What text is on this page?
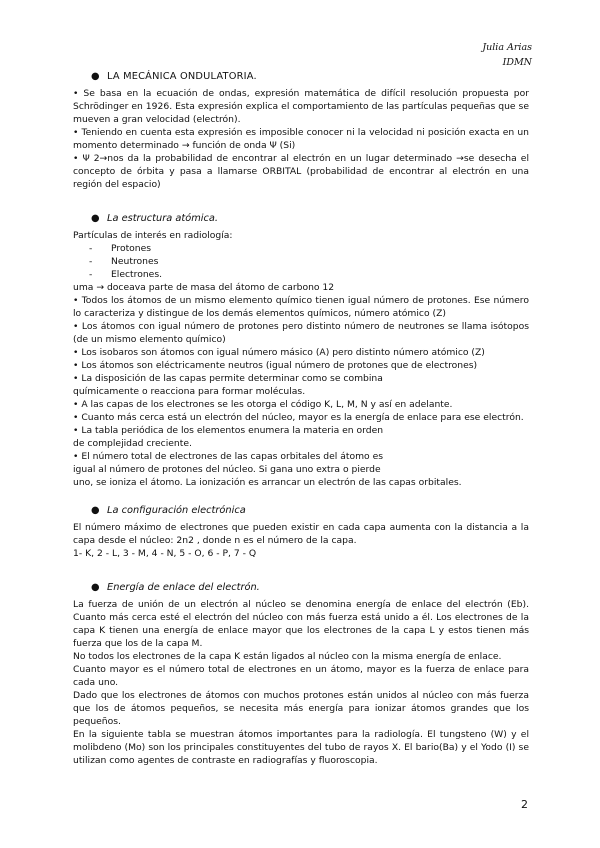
Julia Arias
IDMN
● LA MECÁNICA ONDULATORIA.

• Se basa en la ecuación de ondas, expresión matemática de difícil resolución propuesta por Schrödinger en 1926. Esta expresión explica el comportamiento de las partículas pequeñas que se mueven a gran velocidad (electrón).

• Teniendo en cuenta esta expresión es imposible conocer ni la velocidad ni posición exacta en un momento determinado → función de onda Ψ (Si)

• Ψ 2→nos da la probabilidad de encontrar al electrón en un lugar determinado →se desecha el concepto de órbita y pasa a llamarse ORBITAL (probabilidad de encontrar al electrón en una región del espacio)

● La estructura atómica.

Partículas de interés en radiología:

- Protones
- Neutrones
- Electrones.

uma → doceava parte de masa del átomo de carbono 12

• Todos los átomos de un mismo elemento químico tienen igual número de protones. Ese número lo caracteriza y distingue de los demás elementos químicos, número atómico (Z)

• Los átomos con igual número de protones pero distinto número de neutrones se llama isótopos (de un mismo elemento químico)

• Los isobaros son átomos con igual número másico (A) pero distinto número atómico (Z)

• Los átomos son eléctricamente neutros (igual número de protones que de electrones)

• La disposición de las capas permite determinar como se combina

químicamente o reacciona para formar moléculas.

• A las capas de los electrones se les otorga el código K, L, M, N y así en adelante.

• Cuanto más cerca está un electrón del núcleo, mayor es la energía de enlace para ese electrón.

• La tabla periódica de los elementos enumera la materia en orden

de complejidad creciente.

• El número total de electrones de las capas orbitales del átomo es

igual al número de protones del núcleo. Si gana uno extra o pierde

uno, se ioniza el átomo. La ionización es arrancar un electrón de las capas orbitales.

● La configuración electrónica

El número máximo de electrones que pueden existir en cada capa aumenta con la distancia a la capa desde el núcleo: 2n2 , donde n es el número de la capa.

1- K, 2 - L, 3 - M, 4 - N, 5 - O, 6 - P, 7 - Q

● Energía de enlace del electrón.

La fuerza de unión de un electrón al núcleo se denomina energía de enlace del electrón (Eb). Cuanto más cerca esté el electrón del núcleo con más fuerza está unido a él. Los electrones de la capa K tienen una energía de enlace mayor que los electrones de la capa L y estos tienen más fuerza que los de la capa M.

No todos los electrones de la capa K están ligados al núcleo con la misma energía de enlace.

Cuanto mayor es el número total de electrones en un átomo, mayor es la fuerza de enlace para cada uno.

Dado que los electrones de átomos con muchos protones están unidos al núcleo con más fuerza que los de átomos pequeños, se necesita más energía para ionizar átomos grandes que los pequeños.

En la siguiente tabla se muestran átomos importantes para la radiología. El tungsteno (W) y el molibdeno (Mo) son los principales constituyentes del tubo de rayos X. El bario(Ba) y el Yodo (I) se utilizan como agentes de contraste en radiografías y fluoroscopia.

2
